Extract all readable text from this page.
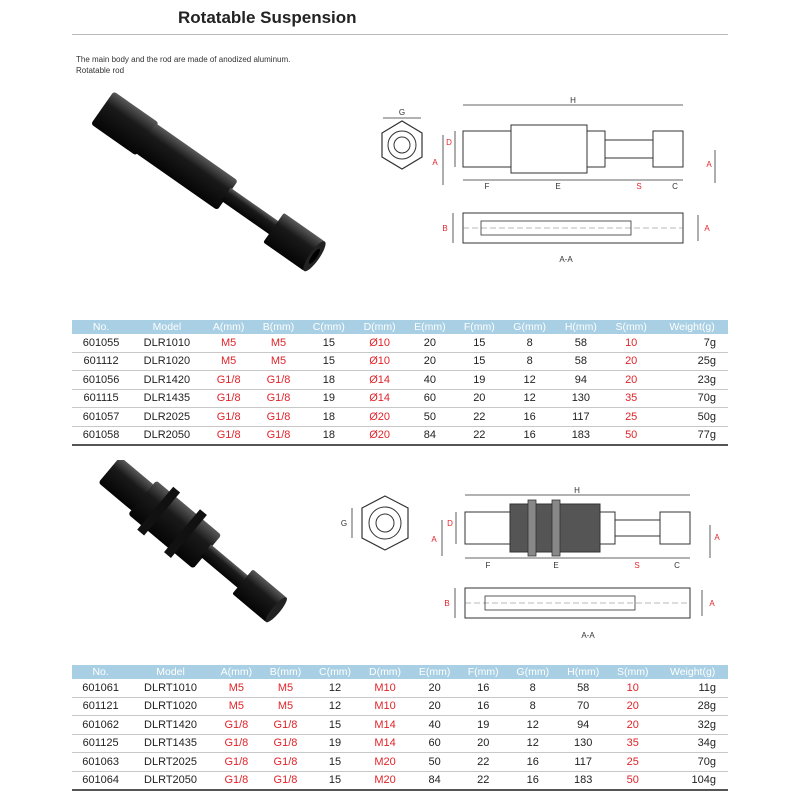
Rotatable Suspension
The main body and the rod are made of anodized aluminum.
Rotatable rod
G
H
D
A	A
F	E	S	C
B	A
A-A
No.	Model	A(mm)	B(mm)	C(mm)	D(mm)	E(mm)	F(mm)	G(mm)	H(mm)	S(mm)	Weight(g)
601055	DLR1010	M5	M5	15	Ø10	20	15	8	58	10	7g
601112	DLR1020	M5	M5	15	Ø10	20	15	8	58	20	25g
601056	DLR1420	G1/8	G1/8	18	Ø14	40	19	12	94	20	23g
601115	DLR1435	G1/8	G1/8	19	Ø14	60	20	12	130	35	70g
601057	DLR2025	G1/8	G1/8	18	Ø20	50	22	16	117	25	50g
601058	DLR2050	G1/8	G1/8	18	Ø20	84	22	16	183	50	77g
G
H
D
A	A
F	E	S	C
B	A
A-A
No.	Model	A(mm)	B(mm)	C(mm)	D(mm)	E(mm)	F(mm)	G(mm)	H(mm)	S(mm)	Weight(g)
601061	DLRT1010	M5	M5	12	M10	20	16	8	58	10	11g
601121	DLRT1020	M5	M5	12	M10	20	16	8	70	20	28g
601062	DLRT1420	G1/8	G1/8	15	M14	40	19	12	94	20	32g
601125	DLRT1435	G1/8	G1/8	19	M14	60	20	12	130	35	34g
601063	DLRT2025	G1/8	G1/8	15	M20	50	22	16	117	25	70g
601064	DLRT2050	G1/8	G1/8	15	M20	84	22	16	183	50	104g
